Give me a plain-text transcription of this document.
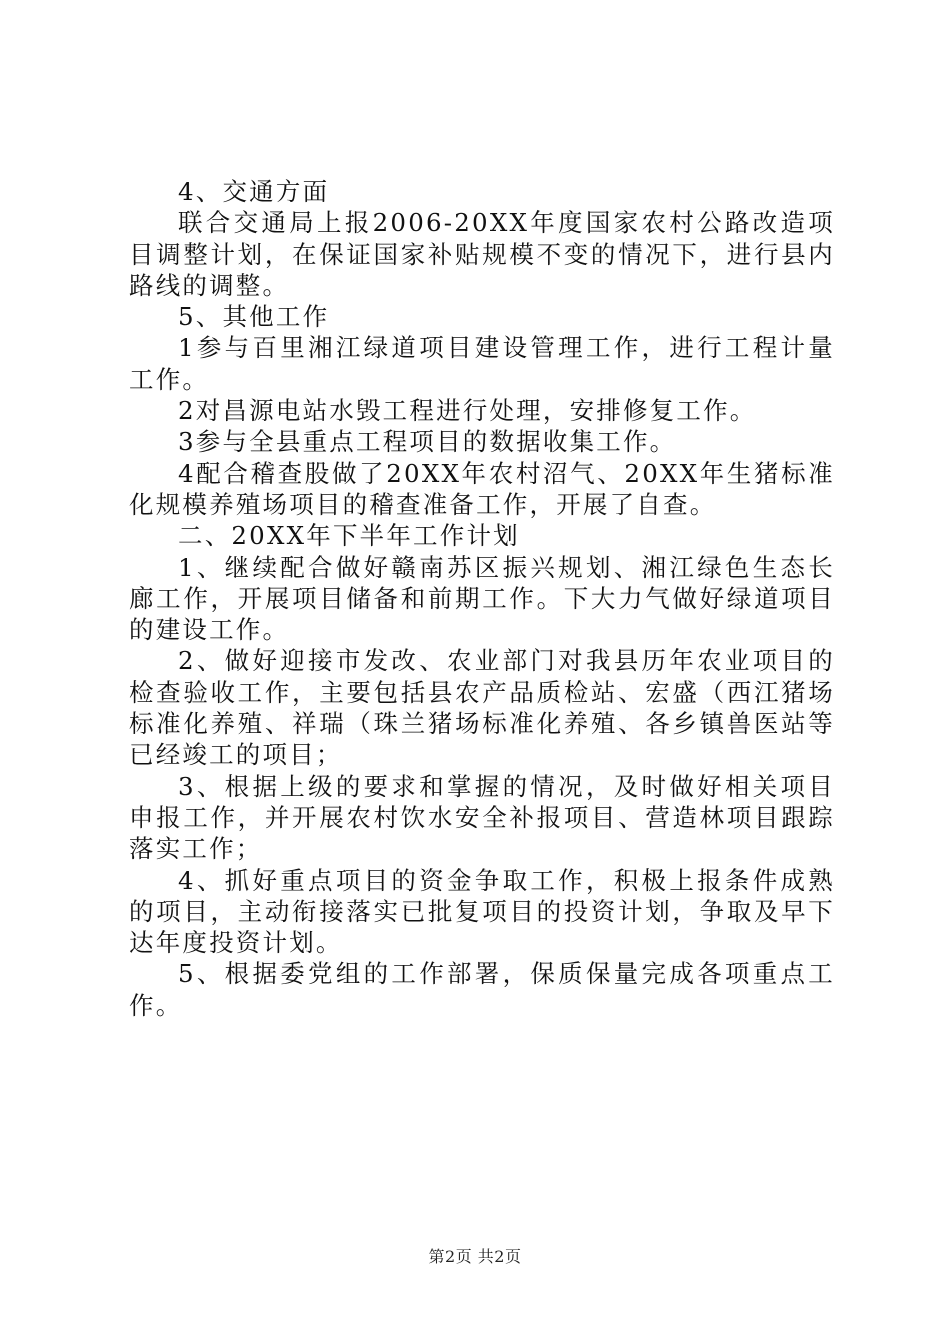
4、交通方面

联合交通局上报2006-20XX年度国家农村公路改造项目调整计划，在保证国家补贴规模不变的情况下，进行县内路线的调整。

5、其他工作

1参与百里湘江绿道项目建设管理工作，进行工程计量工作。

2对昌源电站水毁工程进行处理，安排修复工作。

3参与全县重点工程项目的数据收集工作。

4配合稽查股做了20XX年农村沼气、20XX年生猪标准化规模养殖场项目的稽查准备工作，开展了自查。

二、20XX年下半年工作计划

1、继续配合做好赣南苏区振兴规划、湘江绿色生态长廊工作，开展项目储备和前期工作。下大力气做好绿道项目的建设工作。

2、做好迎接市发改、农业部门对我县历年农业项目的检查验收工作，主要包括县农产品质检站、宏盛（西江猪场标准化养殖、祥瑞（珠兰猪场标准化养殖、各乡镇兽医站等已经竣工的项目；

3、根据上级的要求和掌握的情况，及时做好相关项目申报工作，并开展农村饮水安全补报项目、营造林项目跟踪落实工作；

4、抓好重点项目的资金争取工作，积极上报条件成熟的项目，主动衔接落实已批复项目的投资计划，争取及早下达年度投资计划。

5、根据委党组的工作部署，保质保量完成各项重点工作。

第2页 共2页
